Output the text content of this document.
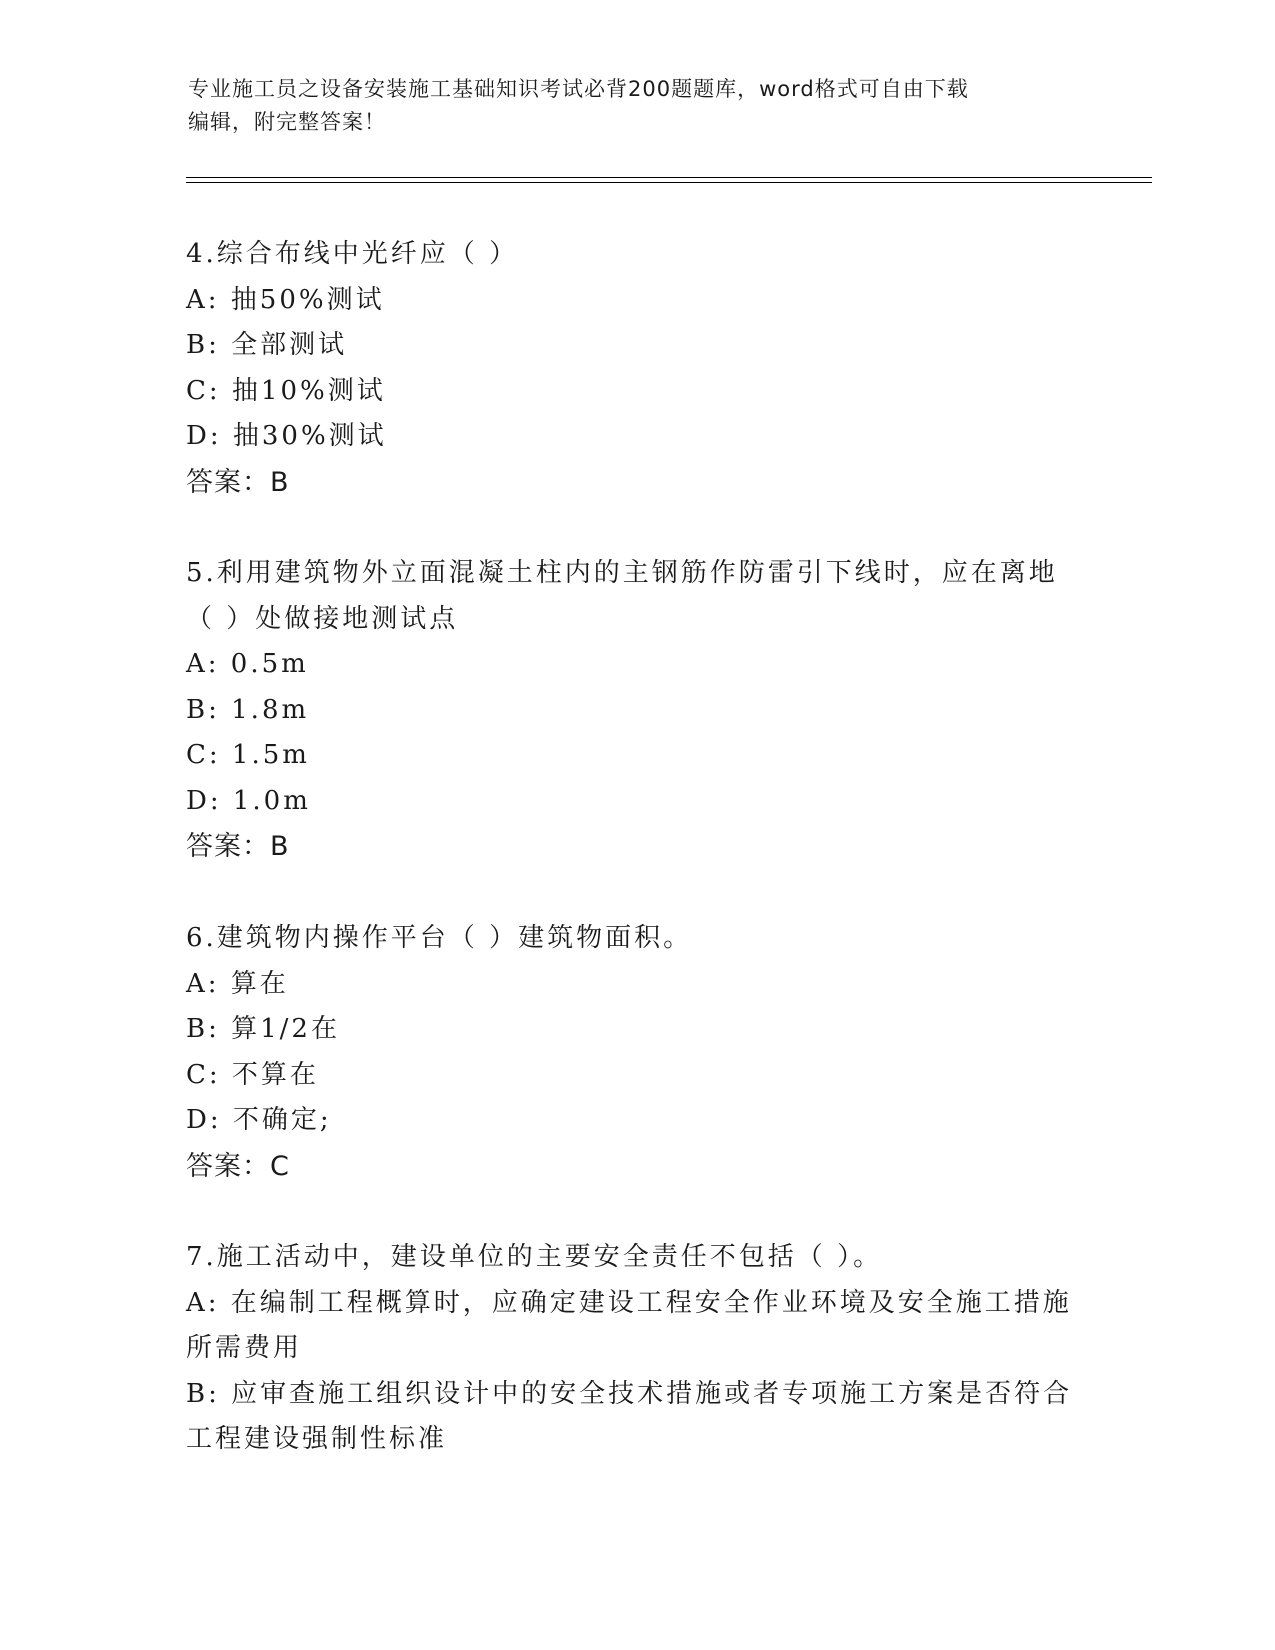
专业施工员之设备安装施工基础知识考试必背200题题库，word格式可自由下载
编辑，附完整答案！
4.综合布线中光纤应（ ）
A: 抽50%测试
B: 全部测试
C: 抽10%测试
D: 抽30%测试
答案：B
5.利用建筑物外立面混凝土柱内的主钢筋作防雷引下线时，应在离地
（ ）处做接地测试点
A: 0.5m
B: 1.8m
C: 1.5m
D: 1.0m
答案：B
6.建筑物内操作平台（ ）建筑物面积。
A: 算在
B: 算1/2在
C: 不算在
D: 不确定;
答案：C
7.施工活动中，建设单位的主要安全责任不包括（ ）。
A: 在编制工程概算时，应确定建设工程安全作业环境及安全施工措施
所需费用
B: 应审查施工组织设计中的安全技术措施或者专项施工方案是否符合
工程建设强制性标准
